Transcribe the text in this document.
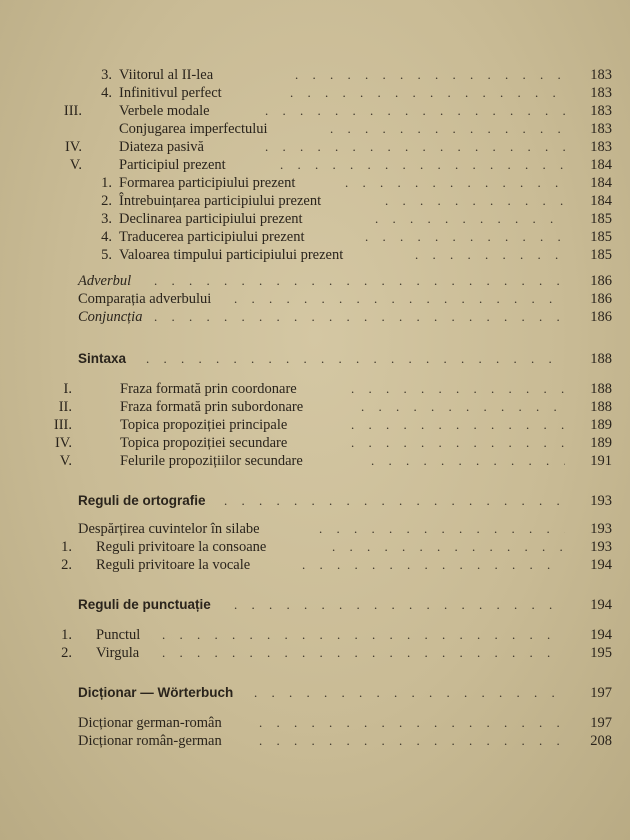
3. Viitorul al II-lea . . .	183
4. Infinitivul perfect . . .	183
III.	Verbele modale . . .	183
Conjugarea imperfectului . . .	183
IV.	Diateza pasivă . . .	183
V.	Participiul prezent . . .	184
1. Formarea participiului prezent . . .	184
2. Întrebuințarea participiului prezent . . .	184
3. Declinarea participiului prezent . . .	185
4. Traducerea participiului prezent . . .	185
5. Valoarea timpului participiului prezent . . .	185
Adverbul . . .	186
Comparația adverbului . . .	186
Conjuncția . . .	186
Sintaxa . . .	188
I.	Fraza formată prin coordonare . . .	188
II.	Fraza formată prin subordonare . . .	188
III.	Topica propoziției principale . . .	189
IV.	Topica propoziției secundare . . .	189
V.	Felurile propozițiilor secundare . . .	191
Reguli de ortografie . . .	193
Despărțirea cuvintelor în silabe . . .	193
1. Reguli privitoare la consoane . . .	193
2. Reguli privitoare la vocale . . .	194
Reguli de punctuație . . .	194
1. Punctul . . .	194
2. Virgula . . .	195
Dicționar — Wörterbuch . . .	197
Dicționar german-român . . .	197
Dicționar român-german . . .	208
